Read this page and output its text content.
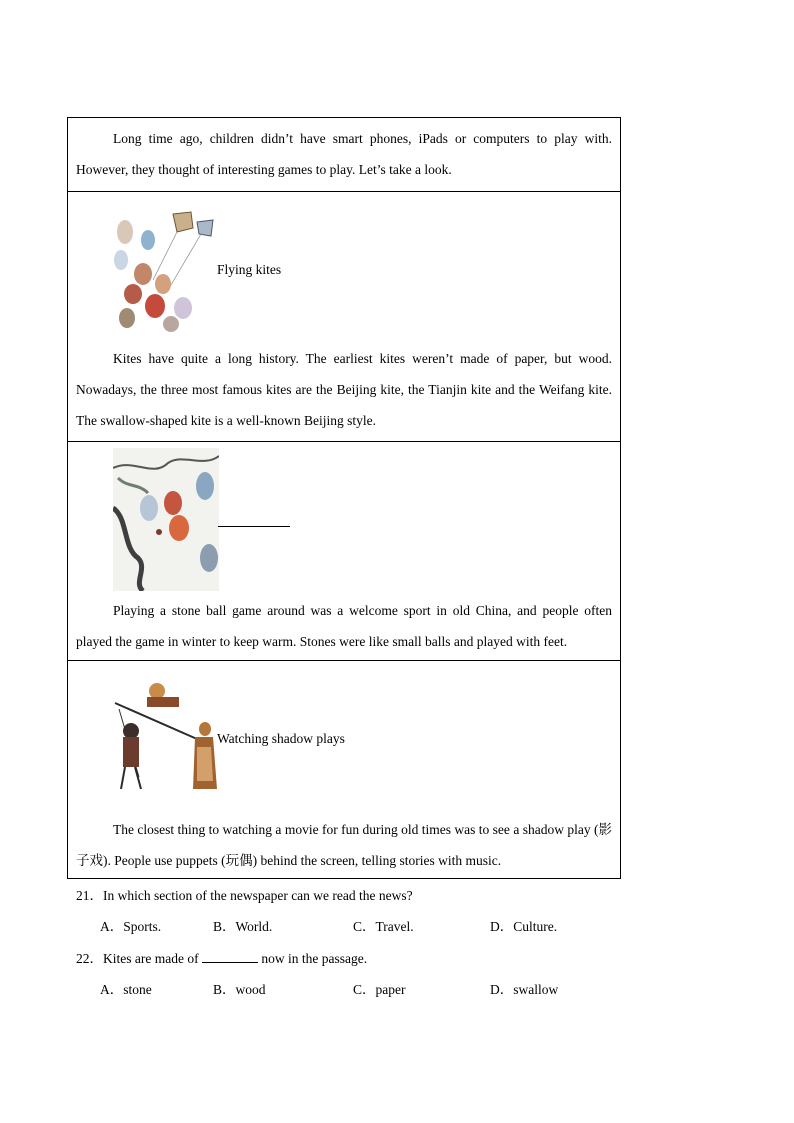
Long time ago, children didn’t have smart phones, iPads or computers to play with. However, they thought of interesting games to play. Let’s take a look.
Flying kites
Kites have quite a long history. The earliest kites weren’t made of paper, but wood. Nowadays, the three most famous kites are the Beijing kite, the Tianjin kite and the Weifang kite. The swallow-shaped kite is a well-known Beijing style.
Playing a stone ball game around was a welcome sport in old China, and people often played the game in winter to keep warm. Stones were like small balls and played with feet.
Watching shadow plays
The closest thing to watching a movie for fun during old times was to see a shadow play (影子戏). People use puppets (玩偶) behind the screen, telling stories with music.
21．In which section of the newspaper can we read the news?
A．Sports.	B．World.	C．Travel.	D．Culture.
22．Kites are made of	now in the passage.
A．stone	B．wood	C．paper	D．swallow
